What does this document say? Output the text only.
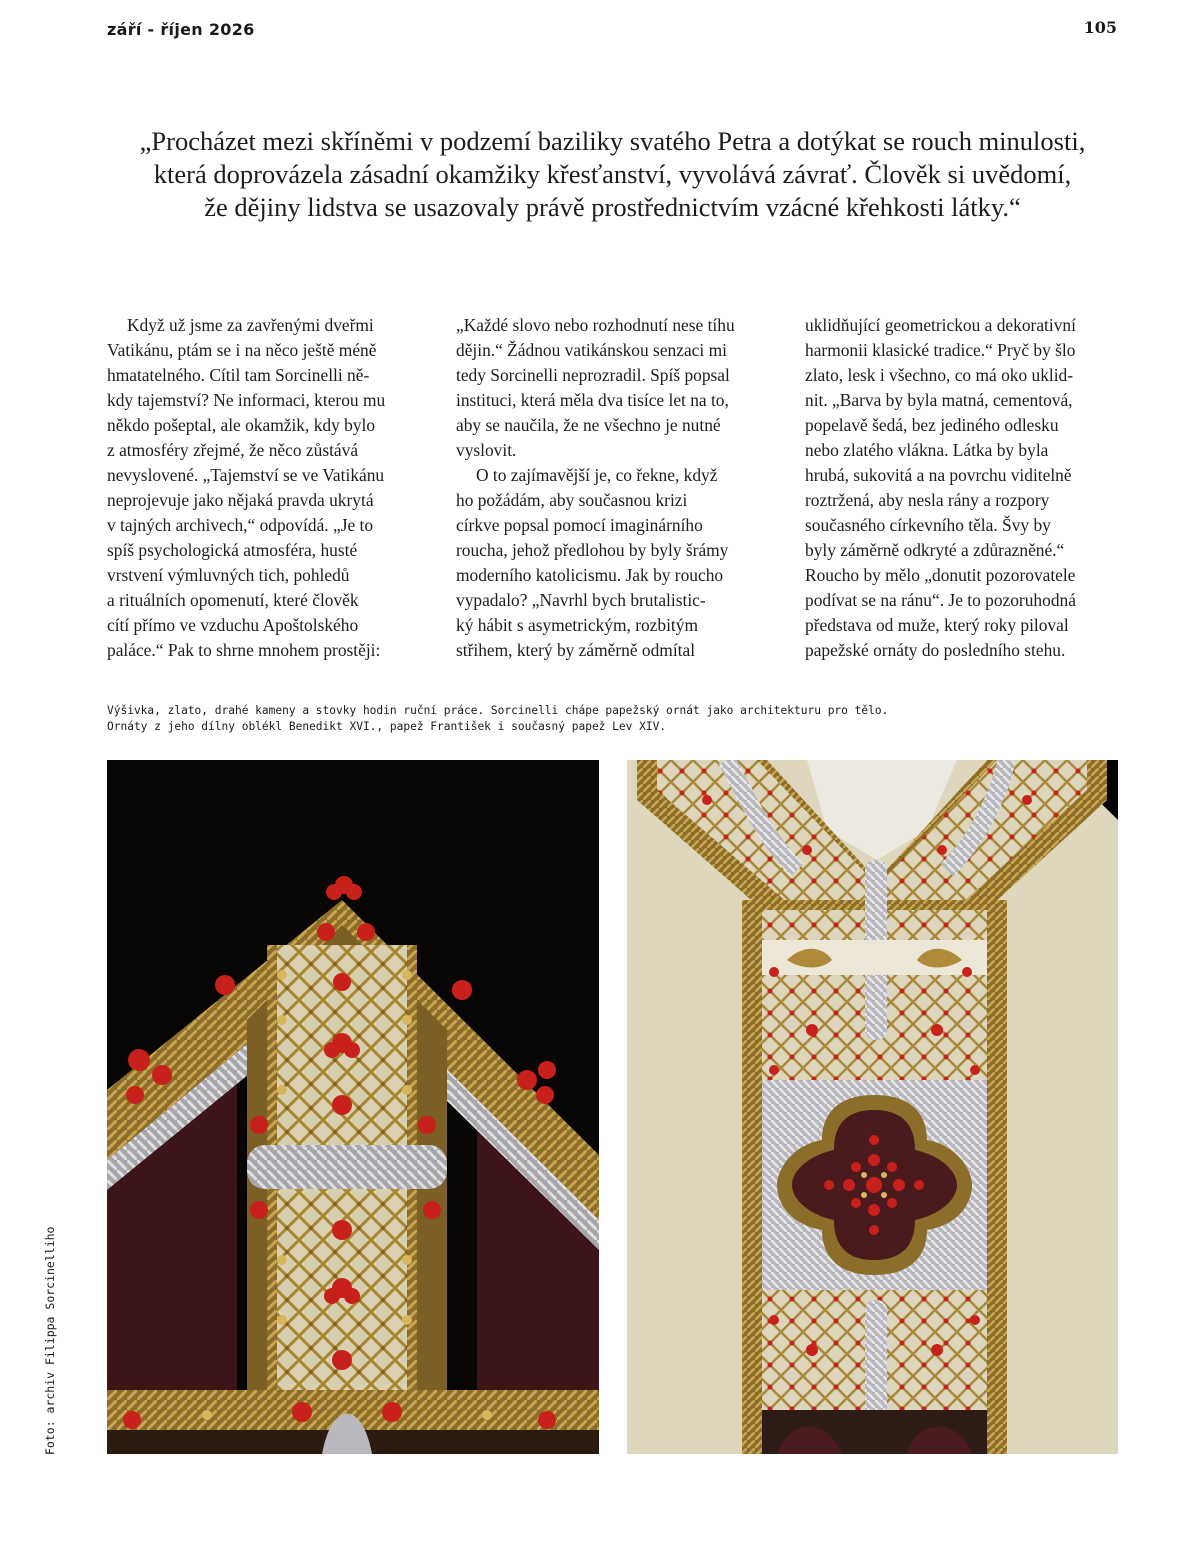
září - říjen 2026	105
„Procházet mezi skříněmi v podzemí baziliky svatého Petra a dotýkat se rouch minulosti,
která doprovázela zásadní okamžiky křesťanství, vyvolává závrať. Člověk si uvědomí,
že dějiny lidstva se usazovaly právě prostřednictvím vzácné křehkosti látky.“
Když už jsme za zavřenými dveřmi
Vatikánu, ptám se i na něco ještě méně
hmatatelného. Cítil tam Sorcinelli ně-
kdy tajemství? Ne informaci, kterou mu
někdo pošeptal, ale okamžik, kdy bylo
z atmosféry zřejmé, že něco zůstává
nevyslovené. „Tajemství se ve Vatikánu
neprojevuje jako nějaká pravda ukrytá
v tajných archivech,“ odpovídá. „Je to
spíš psychologická atmosféra, husté
vrstvení výmluvných tich, pohledů
a rituálních opomenutí, které člověk
cítí přímo ve vzduchu Apoštolského
paláce.“ Pak to shrne mnohem prostěji:
„Každé slovo nebo rozhodnutí nese tíhu
dějin.“ Žádnou vatikánskou senzaci mi
tedy Sorcinelli neprozradil. Spíš popsal
instituci, která měla dva tisíce let na to,
aby se naučila, že ne všechno je nutné
vyslovit.
O to zajímavější je, co řekne, když
ho požádám, aby současnou krizi
církve popsal pomocí imaginárního
roucha, jehož předlohou by byly šrámy
moderního katolicismu. Jak by roucho
vypadalo? „Navrhl bych brutalistic-
ký hábit s asymetrickým, rozbitým
střihem, který by záměrně odmítal
uklidňující geometrickou a dekorativní
harmonii klasické tradice.“ Pryč by šlo
zlato, lesk i všechno, co má oko uklid-
nit. „Barva by byla matná, cementová,
popelavě šedá, bez jediného odlesku
nebo zlatého vlákna. Látka by byla
hrubá, sukovitá a na povrchu viditelně
roztržená, aby nesla rány a rozpory
současného církevního těla. Švy by
byly záměrně odkryté a zdůrazněné.“
Roucho by mělo „donutit pozorovatele
podívat se na ránu“. Je to pozoruhodná
představa od muže, který roky piloval
papežské ornáty do posledního stehu.
Výšivka, zlato, drahé kameny a stovky hodin ruční práce. Sorcinelli chápe papežský ornát jako architekturu pro tělo.
Ornáty z jeho dílny oblékl Benedikt XVI., papež František i současný papež Lev XIV.
Foto: archiv Filippa Sorcinelliho
